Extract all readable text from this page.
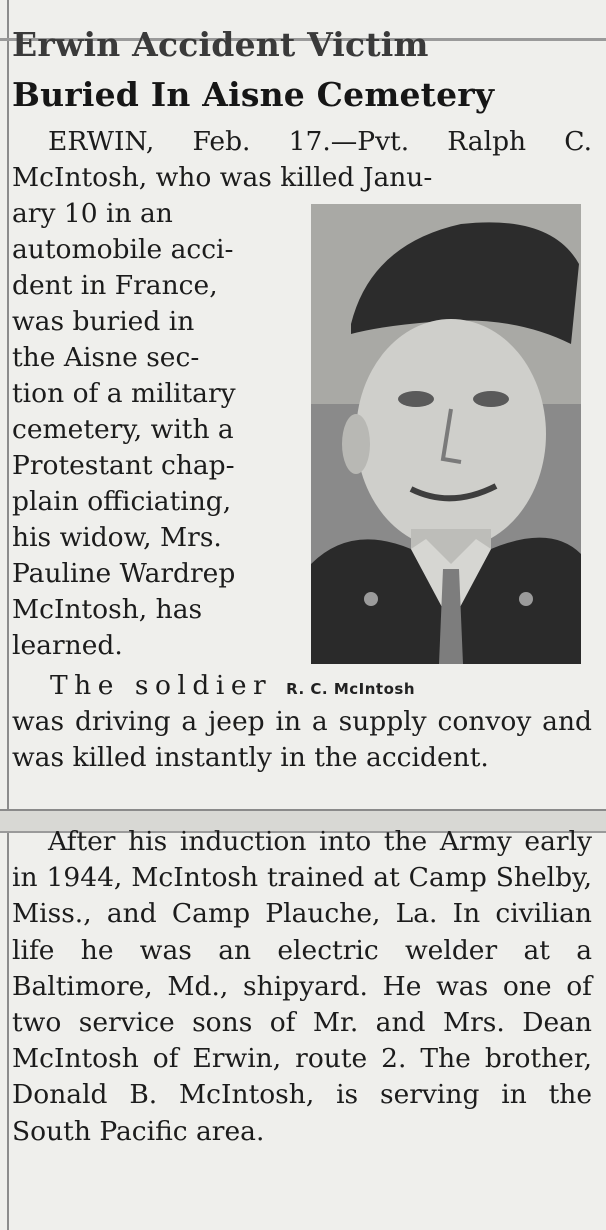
Erwin Accident Victim
Buried In Aisne Cemetery

ERWIN, Feb. 17.—Pvt. Ralph C. McIntosh, who was killed Janu-

ary 10 in an

automobile acci-

dent in France,

was buried in

the Aisne sec-

tion of a military

cemetery, with a

Protestant chap-

plain officiating,

his widow, Mrs.

Pauline Wardrep

McIntosh, has

learned.

The soldier R. C. McIntosh

was driving a jeep in a supply convoy and was killed instantly in the accident.

After his induction into the Army early in 1944, McIntosh trained at Camp Shelby, Miss., and Camp Plauche, La. In civilian life he was an electric welder at a Baltimore, Md., shipyard. He was one of two service sons of Mr. and Mrs. Dean McIntosh of Erwin, route 2. The brother, Donald B. McIntosh, is serving in the South Pacific area.
